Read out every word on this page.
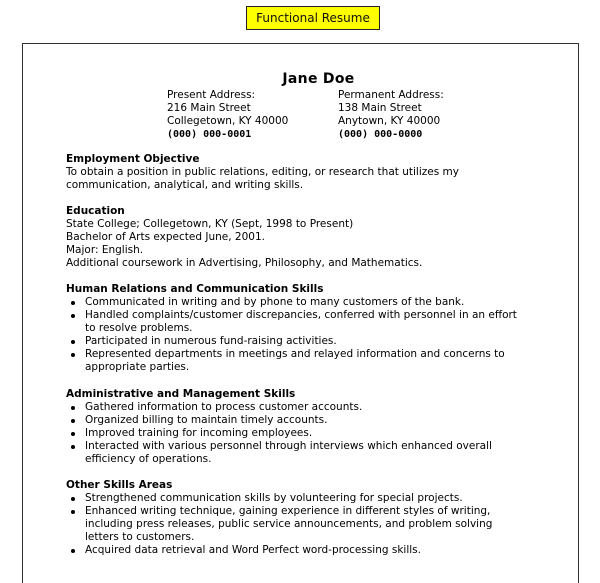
Functional Resume
Jane Doe
Present Address:
216 Main Street
Collegetown, KY 40000
(000) 000-0001
Permanent Address:
138 Main Street
Anytown, KY 40000
(000) 000-0000
Employment Objective
To obtain a position in public relations, editing, or research that utilizes my
communication, analytical, and writing skills.
Education
State College; Collegetown, KY (Sept, 1998 to Present)
Bachelor of Arts expected June, 2001.
Major: English.
Additional coursework in Advertising, Philosophy, and Mathematics.
Human Relations and Communication Skills
Communicated in writing and by phone to many customers of the bank.
Handled complaints/customer discrepancies, conferred with personnel in an effort
to resolve problems.
Participated in numerous fund-raising activities.
Represented departments in meetings and relayed information and concerns to
appropriate parties.
Administrative and Management Skills
Gathered information to process customer accounts.
Organized billing to maintain timely accounts.
Improved training for incoming employees.
Interacted with various personnel through interviews which enhanced overall
efficiency of operations.
Other Skills Areas
Strengthened communication skills by volunteering for special projects.
Enhanced writing technique, gaining experience in different styles of writing,
including press releases, public service announcements, and problem solving
letters to customers.
Acquired data retrieval and Word Perfect word-processing skills.
